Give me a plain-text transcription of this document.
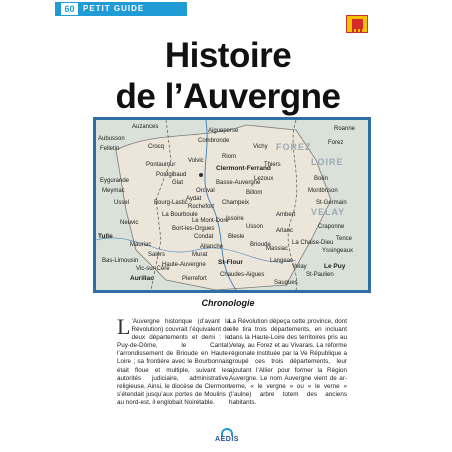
60	PETIT GUIDE
Histoire
de l’Auvergne
FOREZ
VELAY
LOIRE
Auzances
Aigueperse
Aubusson
Felletin	Crocq
Pontaumur
Combronde
Riom
Volvic
Clermont-Ferrand
Vichy
Thiers
Roanne
Pontgibaud
Glat
Orcival
Aydat
Rochefort
Eygurande
Meymac
Ussel	Bourg-Lastic
La Bourboule
Le Mont-Dore
Champeix
Issoire
Usson
Lezoux
Billom
Ambert
Boën
Montbrison
St-Germain
Neuvic
Bort-les-Orgues
Condat Blesle
Brioude
Arlanc
Craponne
La Chaise-Dieu
Tulle
Mauriac
Salers	Murat
Allanche
St-Flour
Massiac
Langeac
Yssingeaux
Le Puy
Aurillac
Vic-sur-Cère
Pierrefort
Chaudes-Aigues
Saugues
Tence
St-Paulien
Forez
Velay
Bas-Limousin
Haute-Auvergne
Basse-Auvergne
Chronologie
L ’Auvergne historique (d’avant la Révolution) couvrait l’équivalent de deux départements et demi : le Puy-de-Dôme, le Cantal, l’arrondissement de Brioude en Haute-Loire ; sa frontière avec le Bourbonnais était floue et multiple, suivant les autorités judiciaire, administrative, religieuse. Ainsi, le diocèse de Clermont s’étendait jusqu’aux portes de Moulins ; au nord-est, il englobait Noirétable.
La Révolution dépeça cette province, dont elle tira trois départements, en incluant dans la Haute-Loire des territoires pris au Velay, au Forez et au Vivarais. La réforme régionale instituée par la Ve République a groupé ces trois départements, leur ajoutant l’Allier pour former la Région Auvergne. Le nom Auvergne vient de ar-verne, « le vergne » ou « le verne » (l’aulne) arbre totem des anciens habitants.
AEDIS
